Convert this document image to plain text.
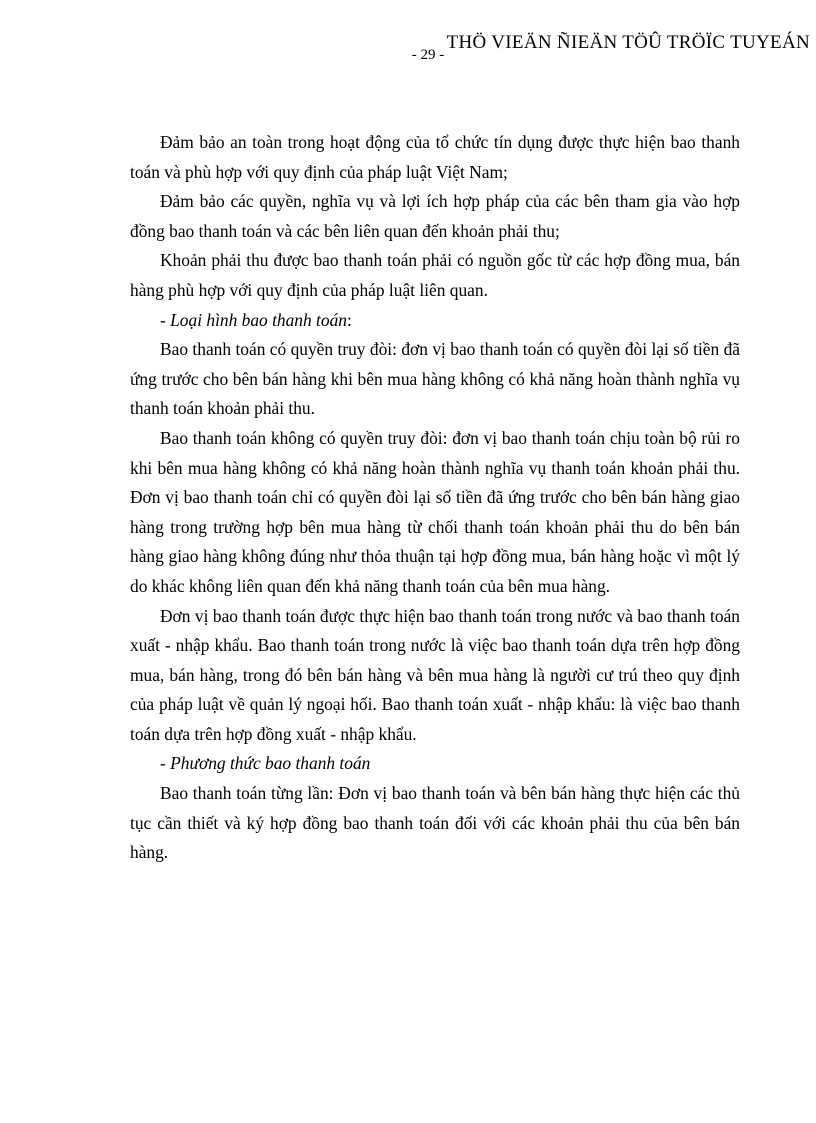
THÖ VIEÄN ÑIEÄN TÖÛ TRÖÏC TUYEÁN
- 29 -

Đảm bảo an toàn trong hoạt động của tổ chức tín dụng được thực hiện bao thanh toán và phù hợp với quy định của pháp luật Việt Nam;

Đảm bảo các quyền, nghĩa vụ và lợi ích hợp pháp của các bên tham gia vào hợp đồng bao thanh toán và các bên liên quan đến khoản phải thu;

Khoản phải thu được bao thanh toán phải có nguồn gốc từ các hợp đồng mua, bán hàng phù hợp với quy định của pháp luật liên quan.

- Loại hình bao thanh toán:

Bao thanh toán có quyền truy đòi: đơn vị bao thanh toán có quyền đòi lại số tiền đã ứng trước cho bên bán hàng khi bên mua hàng không có khả năng hoàn thành nghĩa vụ thanh toán khoản phải thu.

Bao thanh toán không có quyền truy đòi: đơn vị bao thanh toán chịu toàn bộ rủi ro khi bên mua hàng không có khả năng hoàn thành nghĩa vụ thanh toán khoản phải thu. Đơn vị bao thanh toán chỉ có quyền đòi lại số tiền đã ứng trước cho bên bán hàng giao hàng trong trường hợp bên mua hàng từ chối thanh toán khoản phải thu do bên bán hàng giao hàng không đúng như thỏa thuận tại hợp đồng mua, bán hàng hoặc vì một lý do khác không liên quan đến khả năng thanh toán của bên mua hàng.

Đơn vị bao thanh toán được thực hiện bao thanh toán trong nước và bao thanh toán xuất - nhập khẩu. Bao thanh toán trong nước là việc bao thanh toán dựa trên hợp đồng mua, bán hàng, trong đó bên bán hàng và bên mua hàng là người cư trú theo quy định của pháp luật về quản lý ngoại hối. Bao thanh toán xuất - nhập khẩu: là việc bao thanh toán dựa trên hợp đồng xuất - nhập khẩu.

- Phương thức bao thanh toán

Bao thanh toán từng lần: Đơn vị bao thanh toán và bên bán hàng thực hiện các thủ tục cần thiết và ký hợp đồng bao thanh toán đối với các khoản phải thu của bên bán hàng.
